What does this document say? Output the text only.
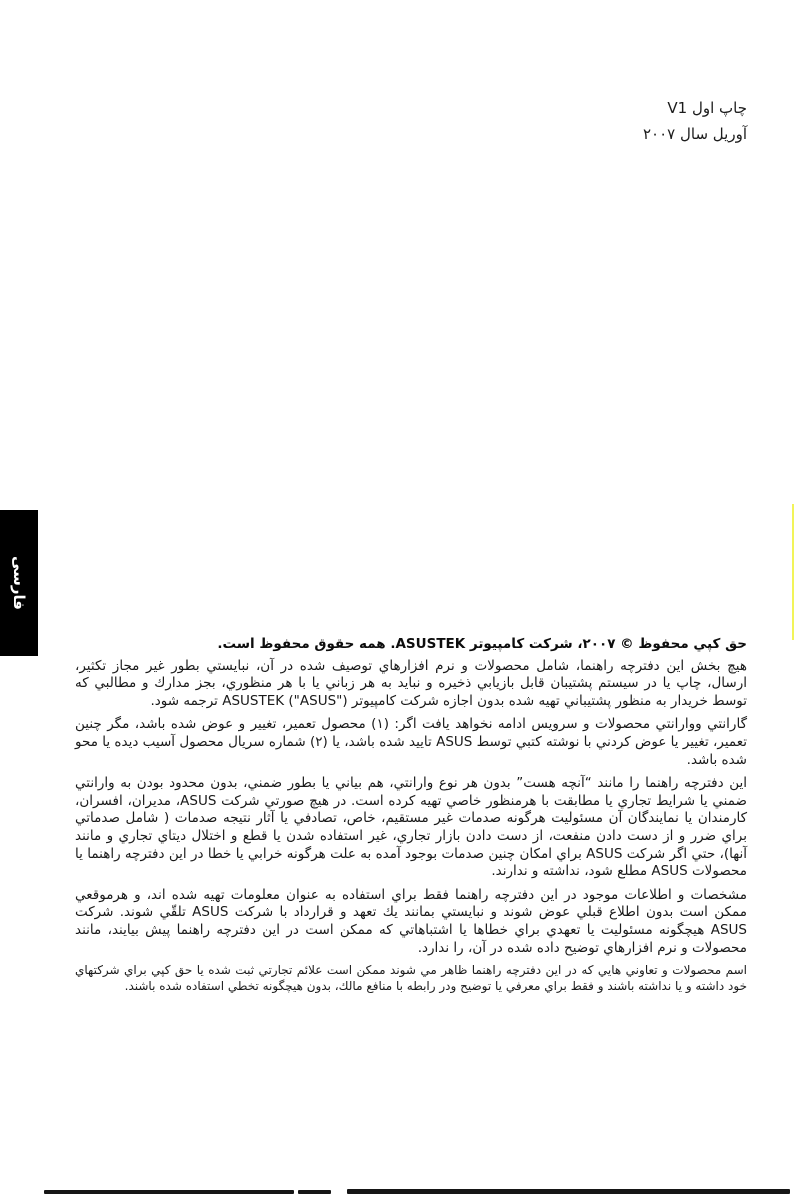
چاپ اول V1
آوريل سال ۲۰۰۷
فارسی
حق كپي محفوظ © ۲۰۰۷، شركت كامپيوتر ASUSTEK. همه حقوق محفوظ است.

هيچ بخش اين دفترچه راهنما، شامل محصولات و نرم افزارهاي توصيف شده در آن، نبايستي بطور غير مجاز تكثير، ارسال، چاپ يا در سيستم پشتيبان قابل بازيابي ذخيره و نبايد به هر زباني يا با هر منظوري، بجز مدارك و مطالبي كه توسط خريدار به منظور پشتيباني تهيه شده بدون اجازه شركت كامپيوتر ASUSTEK ("ASUS") ترجمه شود.

گارانتي ووارانتي محصولات و سرويس ادامه نخواهد يافت اگر: (۱) محصول تعمير، تغيير و عوض شده باشد، مگر چنين تعمير، تغيير يا عوض كردني با نوشته كتبي توسط ASUS تاييد شده باشد، يا (۲) شماره سريال محصول آسيب ديده يا محو شده باشد.

اين دفترچه راهنما را مانند “آنچه هست” بدون هر نوع وارانتي، هم بياني يا بطور ضمني، بدون محدود بودن به وارانتي ضمني يا شرايط تجاري يا مطابقت با هرمنظور خاصي تهيه كرده است. در هيچ صورتي شركت ASUS، مديران، افسران، كارمندان يا نمايندگان آن مسئوليت هرگونه صدمات غير مستقيم، خاص، تصادفي يا آثار نتيجه صدمات ( شامل صدماتي براي ضرر و از دست دادن منفعت، از دست دادن بازار تجاري، غير استفاده شدن يا قطع و اختلال ديتاي تجاري و مانند آنها)، حتي اگر شركت ASUS براي امكان چنين صدمات بوجود آمده به علت هرگونه خرابي يا خطا در اين دفترچه راهنما يا محصولات ASUS مطلع شود، نداشته و ندارند.

مشخصات و اطلاعات موجود در اين دفترچه راهنما فقط براي استفاده به عنوان معلومات تهيه شده اند، و هرموقعي ممكن است بدون اطلاع قبلي عوض شوند و نبايستي بمانند يك تعهد و قرارداد با شركت ASUS تلقّي شوند. شركت ASUS هيچگونه مسئوليت يا تعهدي براي خطاها يا اشتباهاتي كه ممكن است در اين دفترچه راهنما پيش بيايند، مانند محصولات و نرم افزارهاي توضيح داده شده در آن، را ندارد.

اسم محصولات و تعاوني هايي كه در اين دفترچه راهنما ظاهر مي شوند ممكن است علائم تجارتي ثبت شده يا حق كپي براي شركتهاي خود داشته و يا نداشته باشند و فقط براي معرفي يا توضيح ودر رابطه با منافع مالك، بدون هيچگونه تخطي استفاده شده باشند.
